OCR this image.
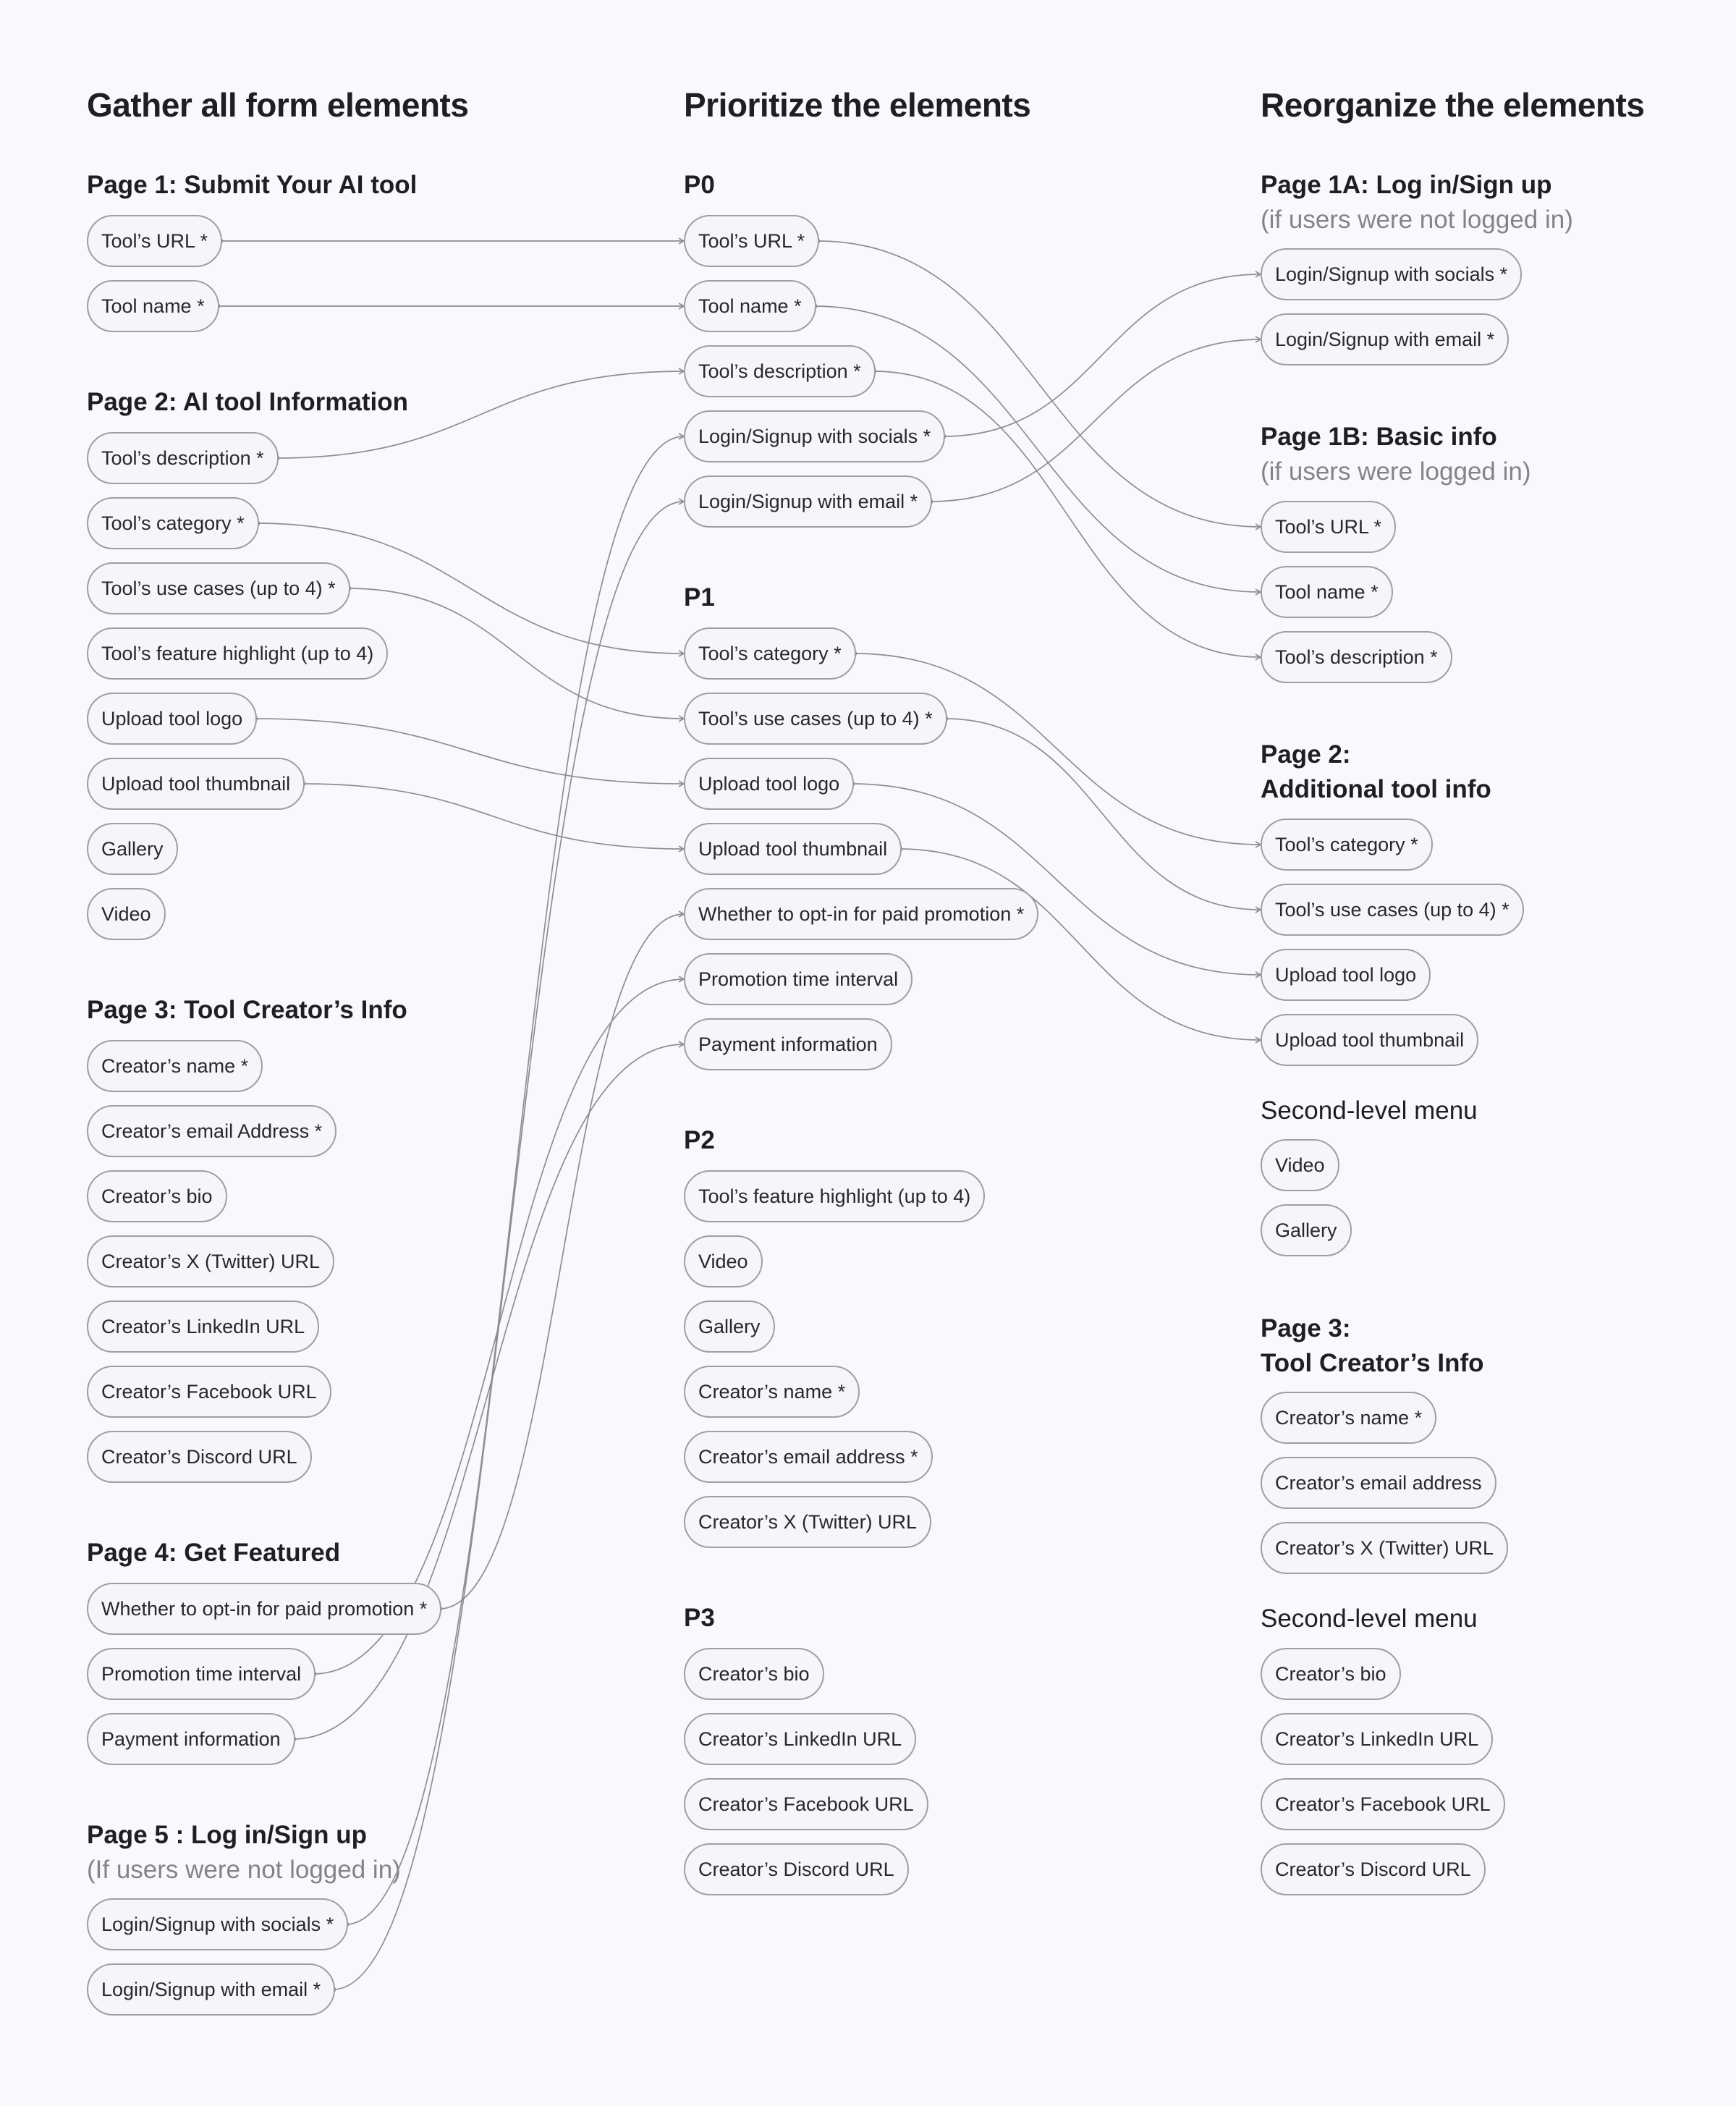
Gather all form elements	Prioritize the elements	Reorganize the elements
Page 1: Submit Your AI tool
Tool’s URL *
Tool name *
Page 2: AI tool Information
Tool’s description *
Tool’s category *
Tool’s use cases (up to 4) *
Tool’s feature highlight (up to 4)
Upload tool logo
Upload tool thumbnail
Gallery
Video
Page 3: Tool Creator’s Info
Creator’s name *
Creator’s email Address *
Creator’s bio
Creator’s X (Twitter) URL
Creator’s LinkedIn URL
Creator’s Facebook URL
Creator’s Discord URL
Page 4: Get Featured
Whether to opt-in for paid promotion *
Promotion time interval
Payment information
Page 5 : Log in/Sign up

(If users were not logged in)

Login/Signup with socials *
Login/Signup with email *
P0
Tool’s URL *
Tool name *
Tool’s description *
Login/Signup with socials *
Login/Signup with email *
P1
Tool’s category *
Tool’s use cases (up to 4) *
Upload tool logo
Upload tool thumbnail
Whether to opt-in for paid promotion *
Promotion time interval
Payment information
P2
Tool’s feature highlight (up to 4)
Video
Gallery
Creator’s name *
Creator’s email address *
Creator’s X (Twitter) URL
P3
Creator’s bio
Creator’s LinkedIn URL
Creator’s Facebook URL
Creator’s Discord URL
Page 1A: Log in/Sign up

(if users were not logged in)

Login/Signup with socials *
Login/Signup with email *
Page 1B: Basic info

(if users were logged in)

Tool’s URL *
Tool name *
Tool’s description *
Page 2:
Additional tool info
Tool’s category *
Tool’s use cases (up to 4) *
Upload tool logo
Upload tool thumbnail

Second-level menu

Video
Gallery
Page 3:
Tool Creator’s Info
Creator’s name *
Creator’s email address
Creator’s X (Twitter) URL

Second-level menu

Creator’s bio
Creator’s LinkedIn URL
Creator’s Facebook URL
Creator’s Discord URL
